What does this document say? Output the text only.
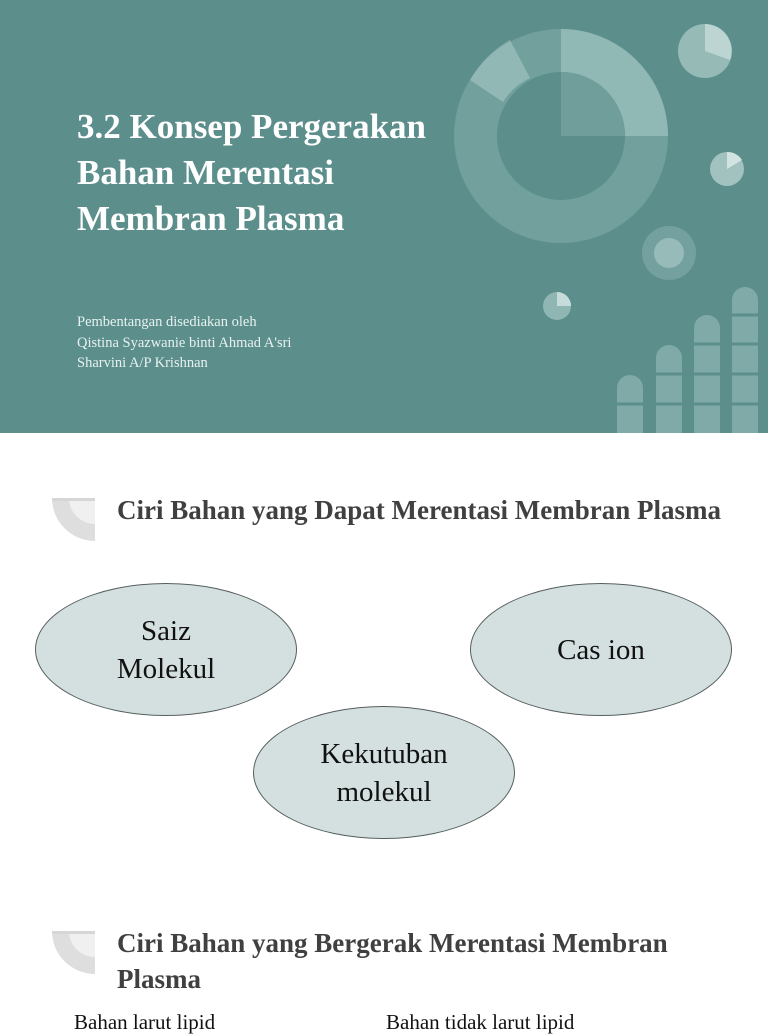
3.2 Konsep Pergerakan Bahan Merentasi Membran Plasma
Pembentangan disediakan oleh
Qistina Syazwanie binti Ahmad A'sri
Sharvini A/P Krishnan
Ciri Bahan yang Dapat Merentasi Membran Plasma
Saiz
Molekul
Cas ion
Kekutuban
molekul
Ciri Bahan yang Bergerak Merentasi Membran Plasma
Bahan larut lipid	Bahan tidak larut lipid
